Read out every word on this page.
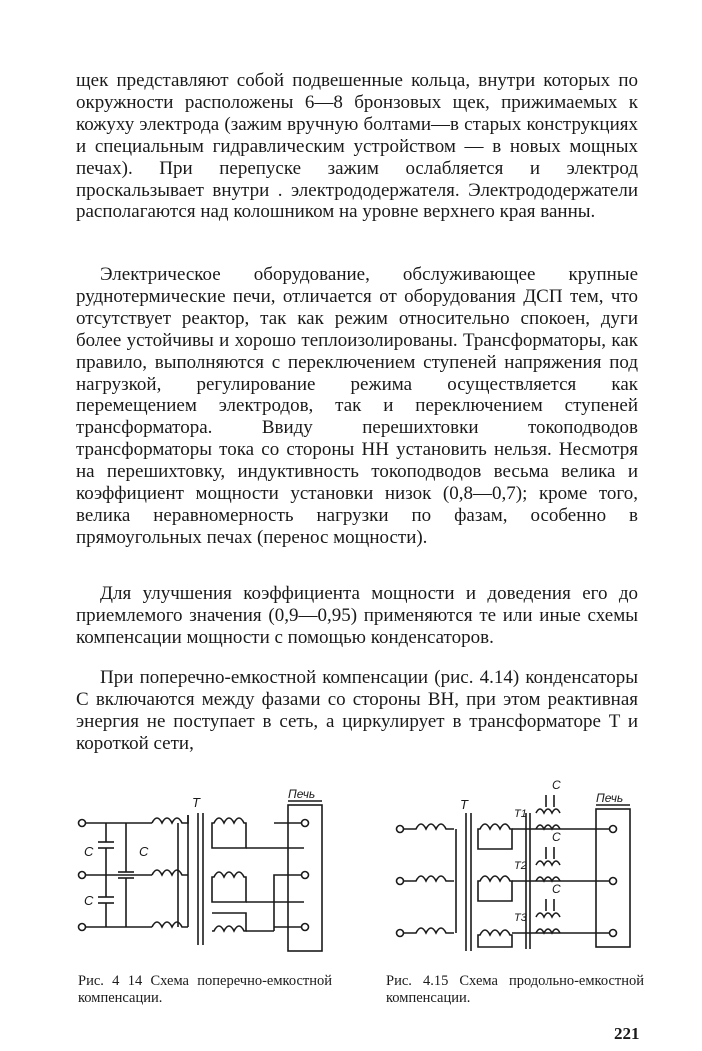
щек представляют собой подвешенные кольца, внутри которых по окружности расположены 6—8 бронзовых щек, прижимаемых к кожуху электрода (зажим вручную болтами—в старых конструкциях и специальным гидравлическим устройством — в новых мощных печах). При перепуске зажим ослабляется и электрод проскальзывает внутри . электрододержателя. Электрододержатели располагаются над колошником на уровне верхнего края ванны.

Электрическое оборудование, обслуживающее крупные руднотермические печи, отличается от оборудования ДСП тем, что отсутствует реактор, так как режим относительно спокоен, дуги более устойчивы и хорошо теплоизолированы. Трансформаторы, как правило, выполняются с переключением ступеней напряжения под нагрузкой, регулирование режима осуществляется как перемещением электродов, так и переключением ступеней трансформатора. Ввиду перешихтовки токоподводов трансформаторы тока со стороны НН установить нельзя. Несмотря на перешихтовку, индуктивность токоподводов весьма велика и коэффициент мощности установки низок (0,8—0,7); кроме того, велика неравномерность нагрузки по фазам, особенно в прямоугольных печах (перенос мощности).

Для улучшения коэффициента мощности и доведения его до приемлемого значения (0,9—0,95) применяются те или иные схемы компенсации мощности с помощью конденсаторов.

При поперечно-емкостной компенсации (рис. 4.14) конденсаторы C включаются между фазами со стороны ВН, при этом реактивная энергия не поступает в сеть, а циркулирует в трансформаторе T и короткой сети,

C	C
C
T
Печь
T
C
C
C
T1
T2
T3
Печь

Рис. 4 14 Схема поперечно-емкостной компенсации.

Рис. 4.15 Схема продольно-емкостной компенсации.

221
